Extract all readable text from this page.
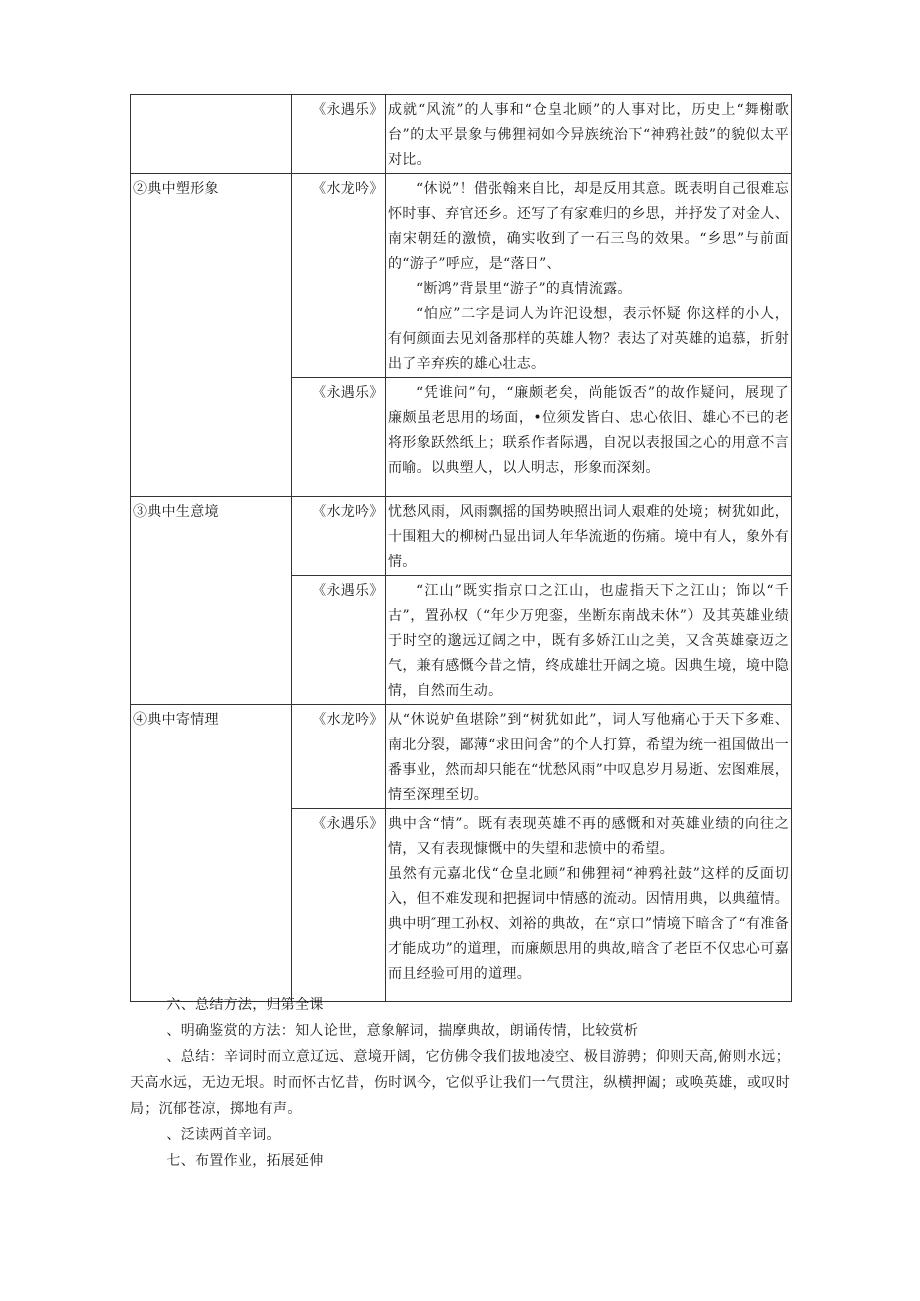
	《永遇乐》	成就“风流”的人事和“仓皇北顾”的人事对比，历史上“舞榭歌台”的太平景象与佛狸祠如今异族统治下“神鸦社鼓”的貌似太平对比。

②典中塑形象	《水龙吟》	“休说”！借张翰来自比，却是反用其意。既表明自己很难忘怀时事、弃官还乡。还写了有家难归的乡思，并抒发了对金人、南宋朝廷的激愤，确实收到了一石三鸟的效果。“乡思”与前面的“游子”呼应，是“落日”、

“断鸿”背景里“游子”的真情流露。

“怕应”二字是词人为许汜设想，表示怀疑 你这样的小人，有何颜面去见刘备那样的英雄人物？表达了对英雄的追慕，折射出了辛弃疾的雄心壮志。

	《永遇乐》	“凭谁问”句，“廉颇老矣，尚能饭否”的故作疑问，展现了廉颇虽老思用的场面，•位须发皆白、忠心依旧、雄心不已的老将形象跃然纸上；联系作者际遇，自况以表报国之心的用意不言而喻。以典塑人，以人明志，形象而深刻。

③典中生意境	《水龙吟》	忧愁风雨，风雨飘摇的国势映照出词人艰难的处境；树犹如此，十围粗大的柳树凸显出词人年华流逝的伤痛。境中有人，象外有情。

	《永遇乐》	“江山”既实指京口之江山，也虚指天下之江山；饰以“千古”，置孙权（“年少万兜銮，坐断东南战未休”）及其英雄业绩于时空的邈远辽阔之中，既有多娇江山之美，又含英雄豪迈之气，兼有感慨今昔之情，终成雄壮开阔之境。因典生境，境中隐情，自然而生动。

④典中寄情理	《水龙吟》	从“休说妒鱼堪除”到“树犹如此”，词人写他痛心于天下多难、南北分裂，鄙薄“求田问舍”的个人打算，希望为统一祖国做出一番事业，然而却只能在“忧愁风雨”中叹息岁月易逝、宏图难展，情至深理至切。

	《永遇乐》	典中含“情”。既有表现英雄不再的感慨和对英雄业绩的向往之情，又有表现慷慨中的失望和悲愤中的希望。

虽然有元嘉北伐“仓皇北顾”和佛狸祠“神鸦社鼓”这样的反面切入，但不难发现和把握词中情感的流动。因情用典，以典蕴情。典中明″理工孙权、刘裕的典故，在“京口”情境下暗含了“有准备才能成功”的道理，而廉颇思用的典故,暗含了老臣不仅忠心可嘉而且经验可用的道理。

六、总结方法，归第全课

、明确鉴赏的方法：知人论世，意象解词，揣摩典故，朗诵传情，比较赏析

、总结：辛词时而立意辽远、意境开阔，它仿佛令我们拔地凌空、极目游骋；仰则天高,俯则水远；天高水远，无边无垠。时而怀古忆昔，伤时讽今，它似乎让我们一气贯注，纵横押阖；或唤英雄，或叹时局；沉郁苍凉，掷地有声。

、泛读两首辛词。

七、布置作业，拓展延伸
